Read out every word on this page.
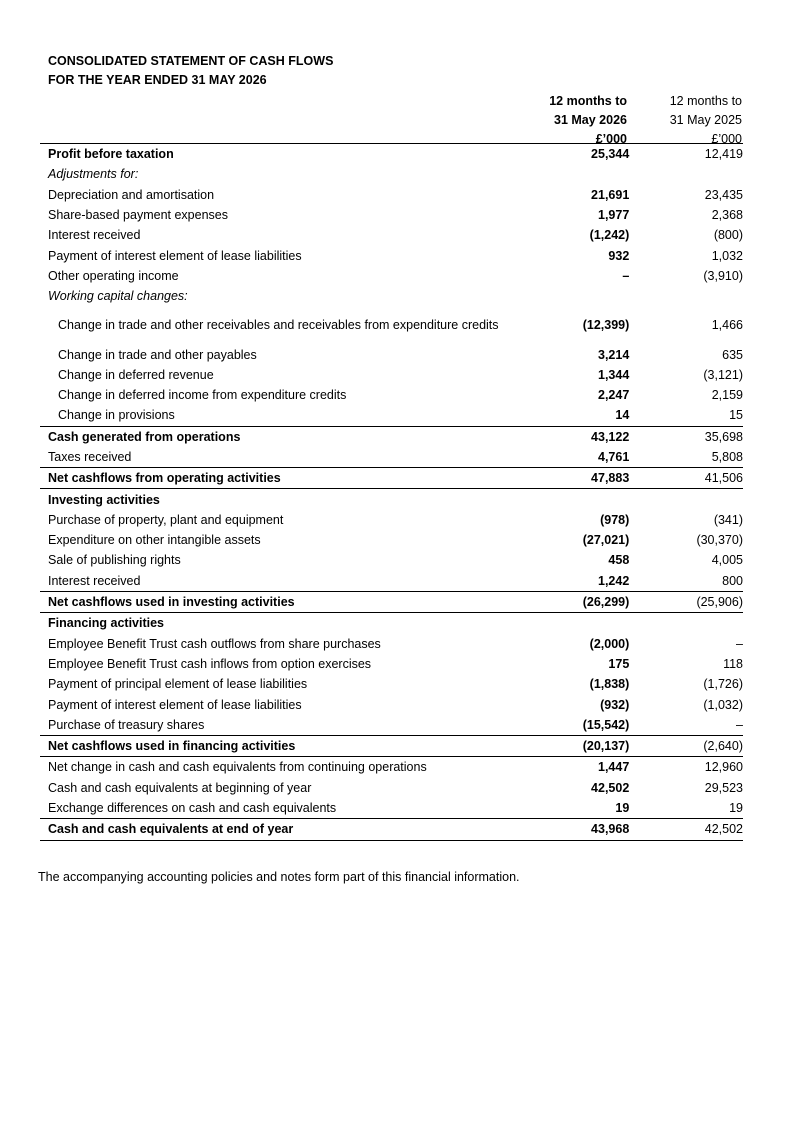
CONSOLIDATED STATEMENT OF CASH FLOWS
FOR THE YEAR ENDED 31 MAY 2026
12 months to
31 May 2026
£’000
12 months to
31 May 2025
£’000
Profit before taxation		25,344	12,419
Adjustments for:			
Depreciation and amortisation		21,691	23,435
Share-based payment expenses		1,977	2,368
Interest received		(1,242)	(800)
Payment of interest element of lease liabilities		932	1,032
Other operating income		–	(3,910)
Working capital changes:			
Change in trade and other receivables and receivables from expenditure credits		(12,399)	1,466
Change in trade and other payables		3,214	635
Change in deferred revenue		1,344	(3,121)
Change in deferred income from expenditure credits		2,247	2,159
Change in provisions		14	15
Cash generated from operations		43,122	35,698
Taxes received		4,761	5,808
Net cashflows from operating activities		47,883	41,506
Investing activities			
Purchase of property, plant and equipment		(978)	(341)
Expenditure on other intangible assets		(27,021)	(30,370)
Sale of publishing rights		458	4,005
Interest received		1,242	800
Net cashflows used in investing activities		(26,299)	(25,906)
Financing activities			
Employee Benefit Trust cash outflows from share purchases		(2,000)	–
Employee Benefit Trust cash inflows from option exercises		175	118
Payment of principal element of lease liabilities		(1,838)	(1,726)
Payment of interest element of lease liabilities		(932)	(1,032)
Purchase of treasury shares		(15,542)	–
Net cashflows used in financing activities		(20,137)	(2,640)
Net change in cash and cash equivalents from continuing operations		1,447	12,960
Cash and cash equivalents at beginning of year		42,502	29,523
Exchange differences on cash and cash equivalents		19	19
Cash and cash equivalents at end of year		43,968	42,502
The accompanying accounting policies and notes form part of this financial information.
